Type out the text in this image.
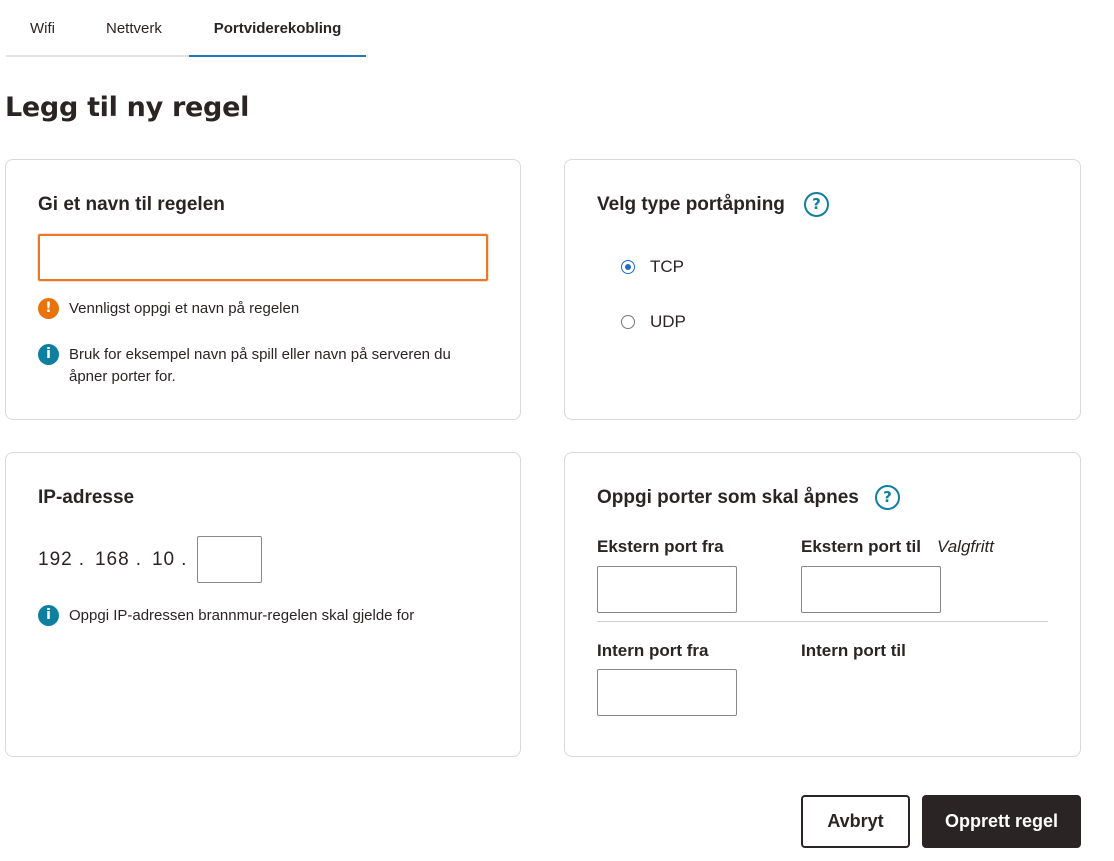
Wifi	Nettverk	Portviderekobling
Legg til ny regel
Gi et navn til regelen
!	Vennligst oppgi et navn på regelen
i	Bruk for eksempel navn på spill eller navn på serveren du
åpner porter for.
Velg type portåpning	?
TCP
UDP
IP-adresse
192 . 168 . 10 .
i	Oppgi IP-adressen brannmur-regelen skal gjelde for
Oppgi porter som skal åpnes	?
Ekstern port fra	Ekstern port til Valgfritt
Intern port fra	Intern port til
Avbryt	Opprett regel
